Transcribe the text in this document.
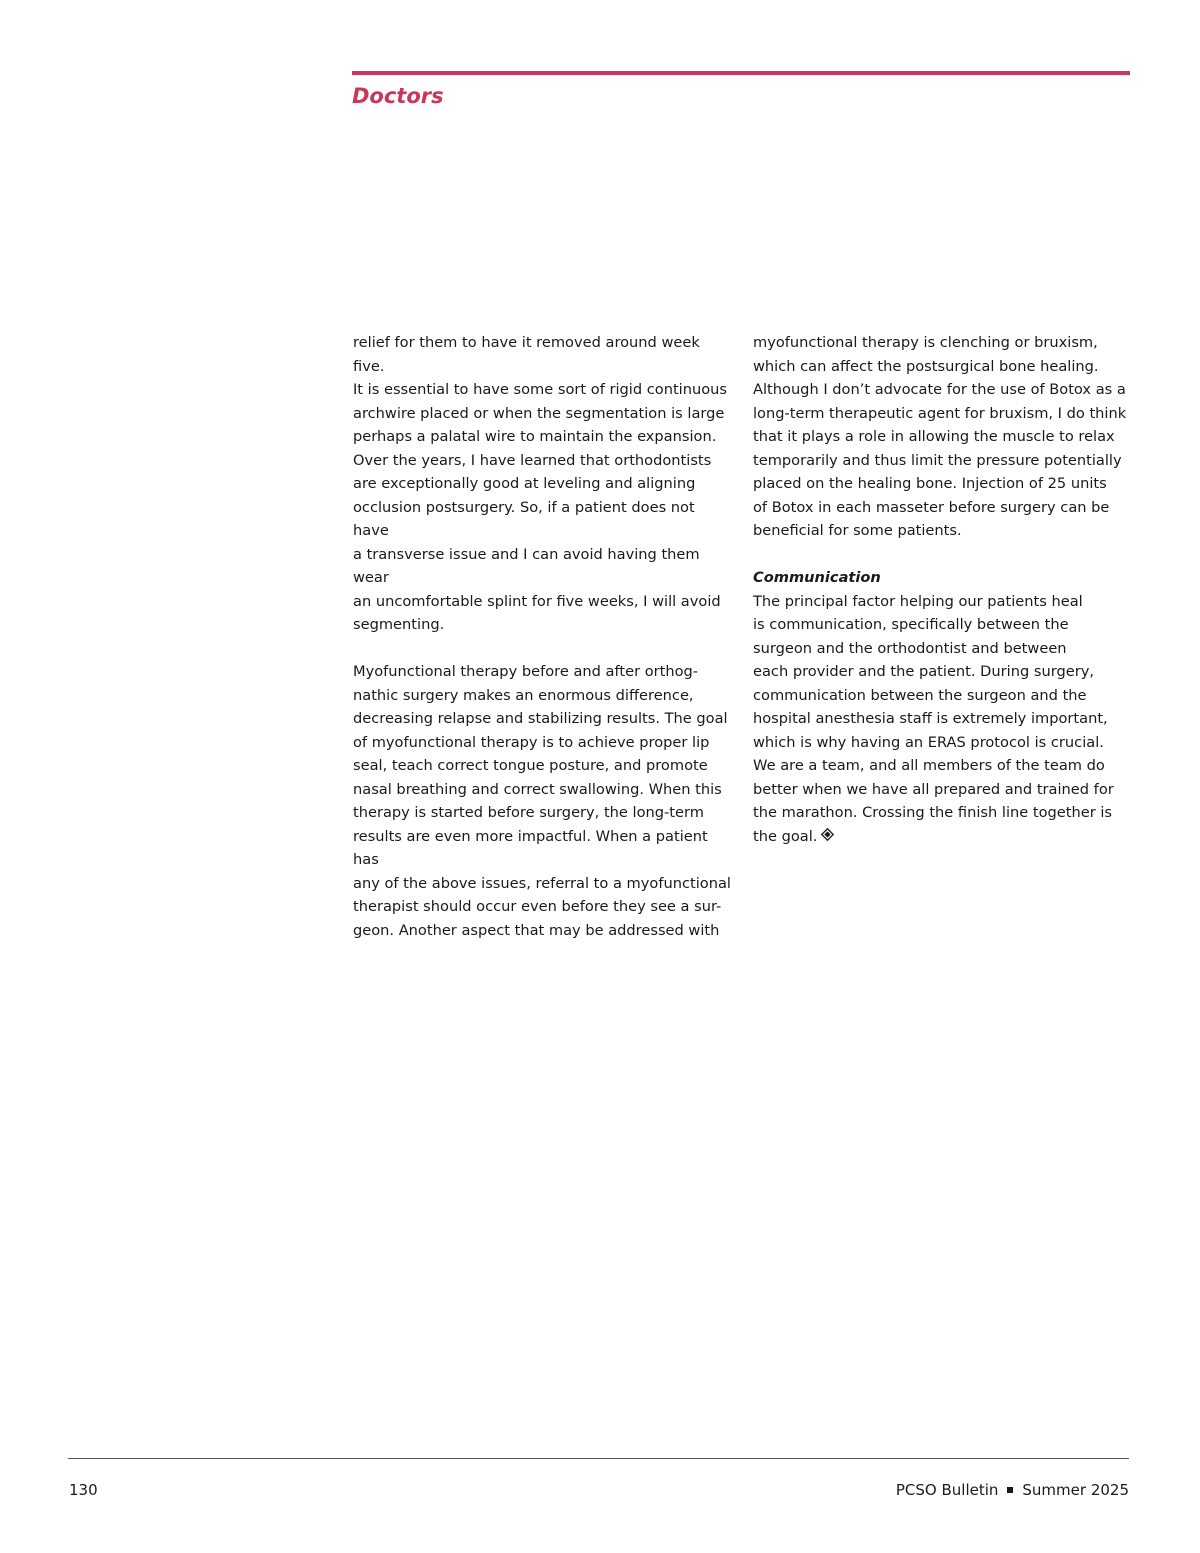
Doctors

relief for them to have it removed around week five.
It is essential to have some sort of rigid continuous
archwire placed or when the segmentation is large
perhaps a palatal wire to maintain the expansion.
Over the years, I have learned that orthodontists
are exceptionally good at leveling and aligning
occlusion postsurgery. So, if a patient does not have
a transverse issue and I can avoid having them wear
an uncomfortable splint for five weeks, I will avoid
segmenting.

Myofunctional therapy before and after orthog-
nathic surgery makes an enormous difference,
decreasing relapse and stabilizing results. The goal
of myofunctional therapy is to achieve proper lip
seal, teach correct tongue posture, and promote
nasal breathing and correct swallowing. When this
therapy is started before surgery, the long-term
results are even more impactful. When a patient has
any of the above issues, referral to a myofunctional
therapist should occur even before they see a sur-
geon. Another aspect that may be addressed with

myofunctional therapy is clenching or bruxism,
which can affect the postsurgical bone healing.
Although I don’t advocate for the use of Botox as a
long-term therapeutic agent for bruxism, I do think
that it plays a role in allowing the muscle to relax
temporarily and thus limit the pressure potentially
placed on the healing bone. Injection of 25 units
of Botox in each masseter before surgery can be
beneficial for some patients.

Communication

The principal factor helping our patients heal
is communication, specifically between the
surgeon and the orthodontist and between
each provider and the patient. During surgery,
communication between the surgeon and the
hospital anesthesia staff is extremely important,
which is why having an ERAS protocol is crucial.
We are a team, and all members of the team do
better when we have all prepared and trained for
the marathon. Crossing the finish line together is
the goal.

130	PCSO Bulletin Summer 2025
